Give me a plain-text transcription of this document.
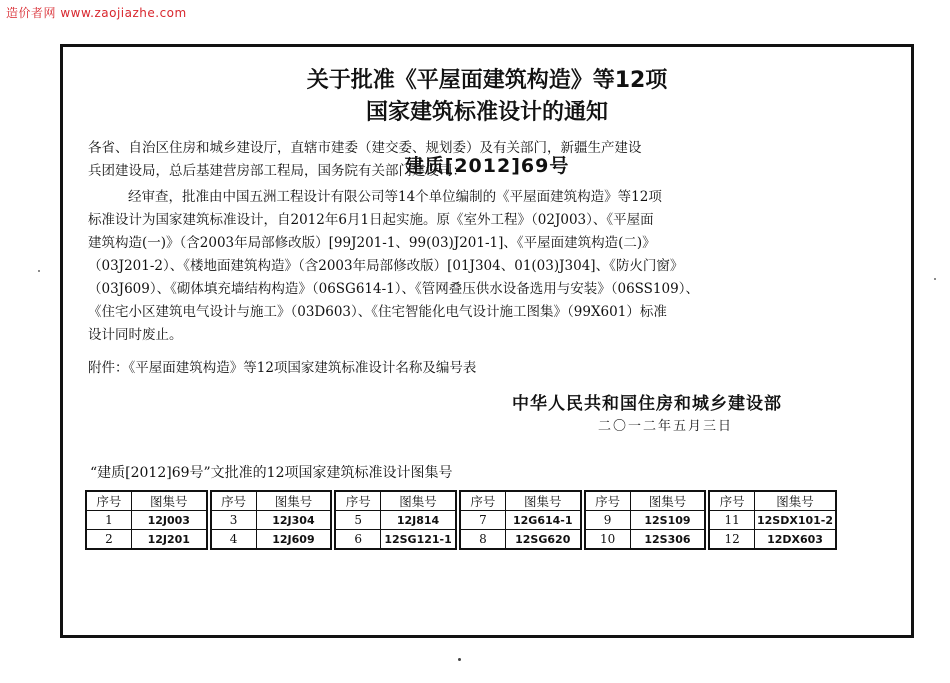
造价者网 www.zaojiazhe.com
关于批准《平屋面建筑构造》等12项
国家建筑标准设计的通知
建质[2012]69号
各省、自治区住房和城乡建设厅，直辖市建委（建交委、规划委）及有关部门，新疆生产建设
兵团建设局，总后基建营房部工程局，国务院有关部门建设司：
经审查，批准由中国五洲工程设计有限公司等14个单位编制的《平屋面建筑构造》等12项
标准设计为国家建筑标准设计，自2012年6月1日起实施。原《室外工程》（02J003）、《平屋面
建筑构造(一)》（含2003年局部修改版）[99J201-1、99(03)J201-1]、《平屋面建筑构造(二)》
（03J201-2）、《楼地面建筑构造》（含2003年局部修改版）[01J304、01(03)J304]、《防火门窗》
（03J609）、《砌体填充墙结构构造》（06SG614-1）、《管网叠压供水设备选用与安装》（06SS109）、
《住宅小区建筑电气设计与施工》（03D603）、《住宅智能化电气设计施工图集》（99X601）标准
设计同时废止。
附件：《平屋面建筑构造》等12项国家建筑标准设计名称及编号表
中华人民共和国住房和城乡建设部
二〇一二年五月三日
“建质[2012]69号”文批准的12项国家建筑标准设计图集号
序号	图集号
1	12J003
2	12J201
序号	图集号
3	12J304
4	12J609
序号	图集号
5	12J814
6	12SG121-1
序号	图集号
7	12G614-1
8	12SG620
序号	图集号
9	12S109
10	12S306
序号	图集号
11	12SDX101-2
12	12DX603
